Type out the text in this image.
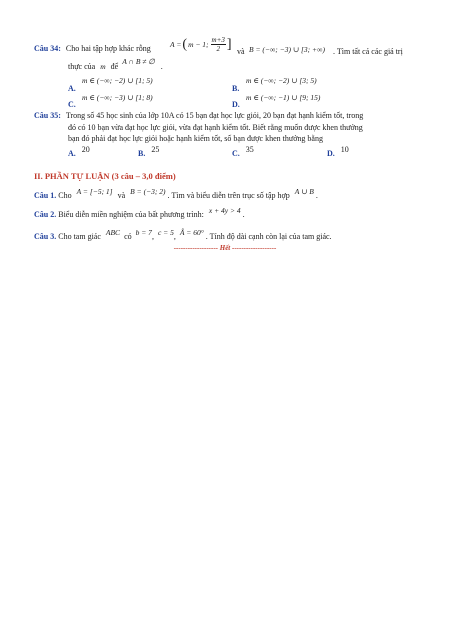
Câu 34: Cho hai tập hợp khác rỗng	A = ( m − 1; $\frac{m+3}{2}$ ] và B = (−∞; −3) ∪ [3; +∞) . Tìm tất cả các giá trị
thực của m để A ∩ B ≠ ∅ .
m ∈ (−∞; −2) ∪ [1; 5)
A.
m ∈ (−∞; −2) ∪ [3; 5)
B.
m ∈ (−∞; −3) ∪ [1; 8)
C.
m ∈ (−∞; −1) ∪ [9; 15)
D.
Câu 35: Trong số 45 học sinh của lớp 10A có 15 bạn đạt học lực giỏi, 20 bạn đạt hạnh kiểm tốt, trong
đó có 10 bạn vừa đạt học lực giỏi, vừa đạt hạnh kiểm tốt. Biết rằng muốn được khen thưởng
bạn đó phải đạt học lực giỏi hoặc hạnh kiểm tốt, số bạn được khen thưởng bằng
A. 20	B. 25	C. 35	D. 10
II. PHẦN TỰ LUẬN (3 câu – 3,0 điểm)
Câu 1. Cho A = [−5; 1] và B = (−3; 2) . Tìm và biểu diễn trên trục số tập hợp A ∪ B .
Câu 2. Biểu diễn miền nghiệm của bất phương trình: x + 4y > 4 .
Câu 3. Cho tam giác ABC có b = 7, c = 5, Â = 60° . Tính độ dài cạnh còn lại của tam giác.
------------------- Hết -------------------
